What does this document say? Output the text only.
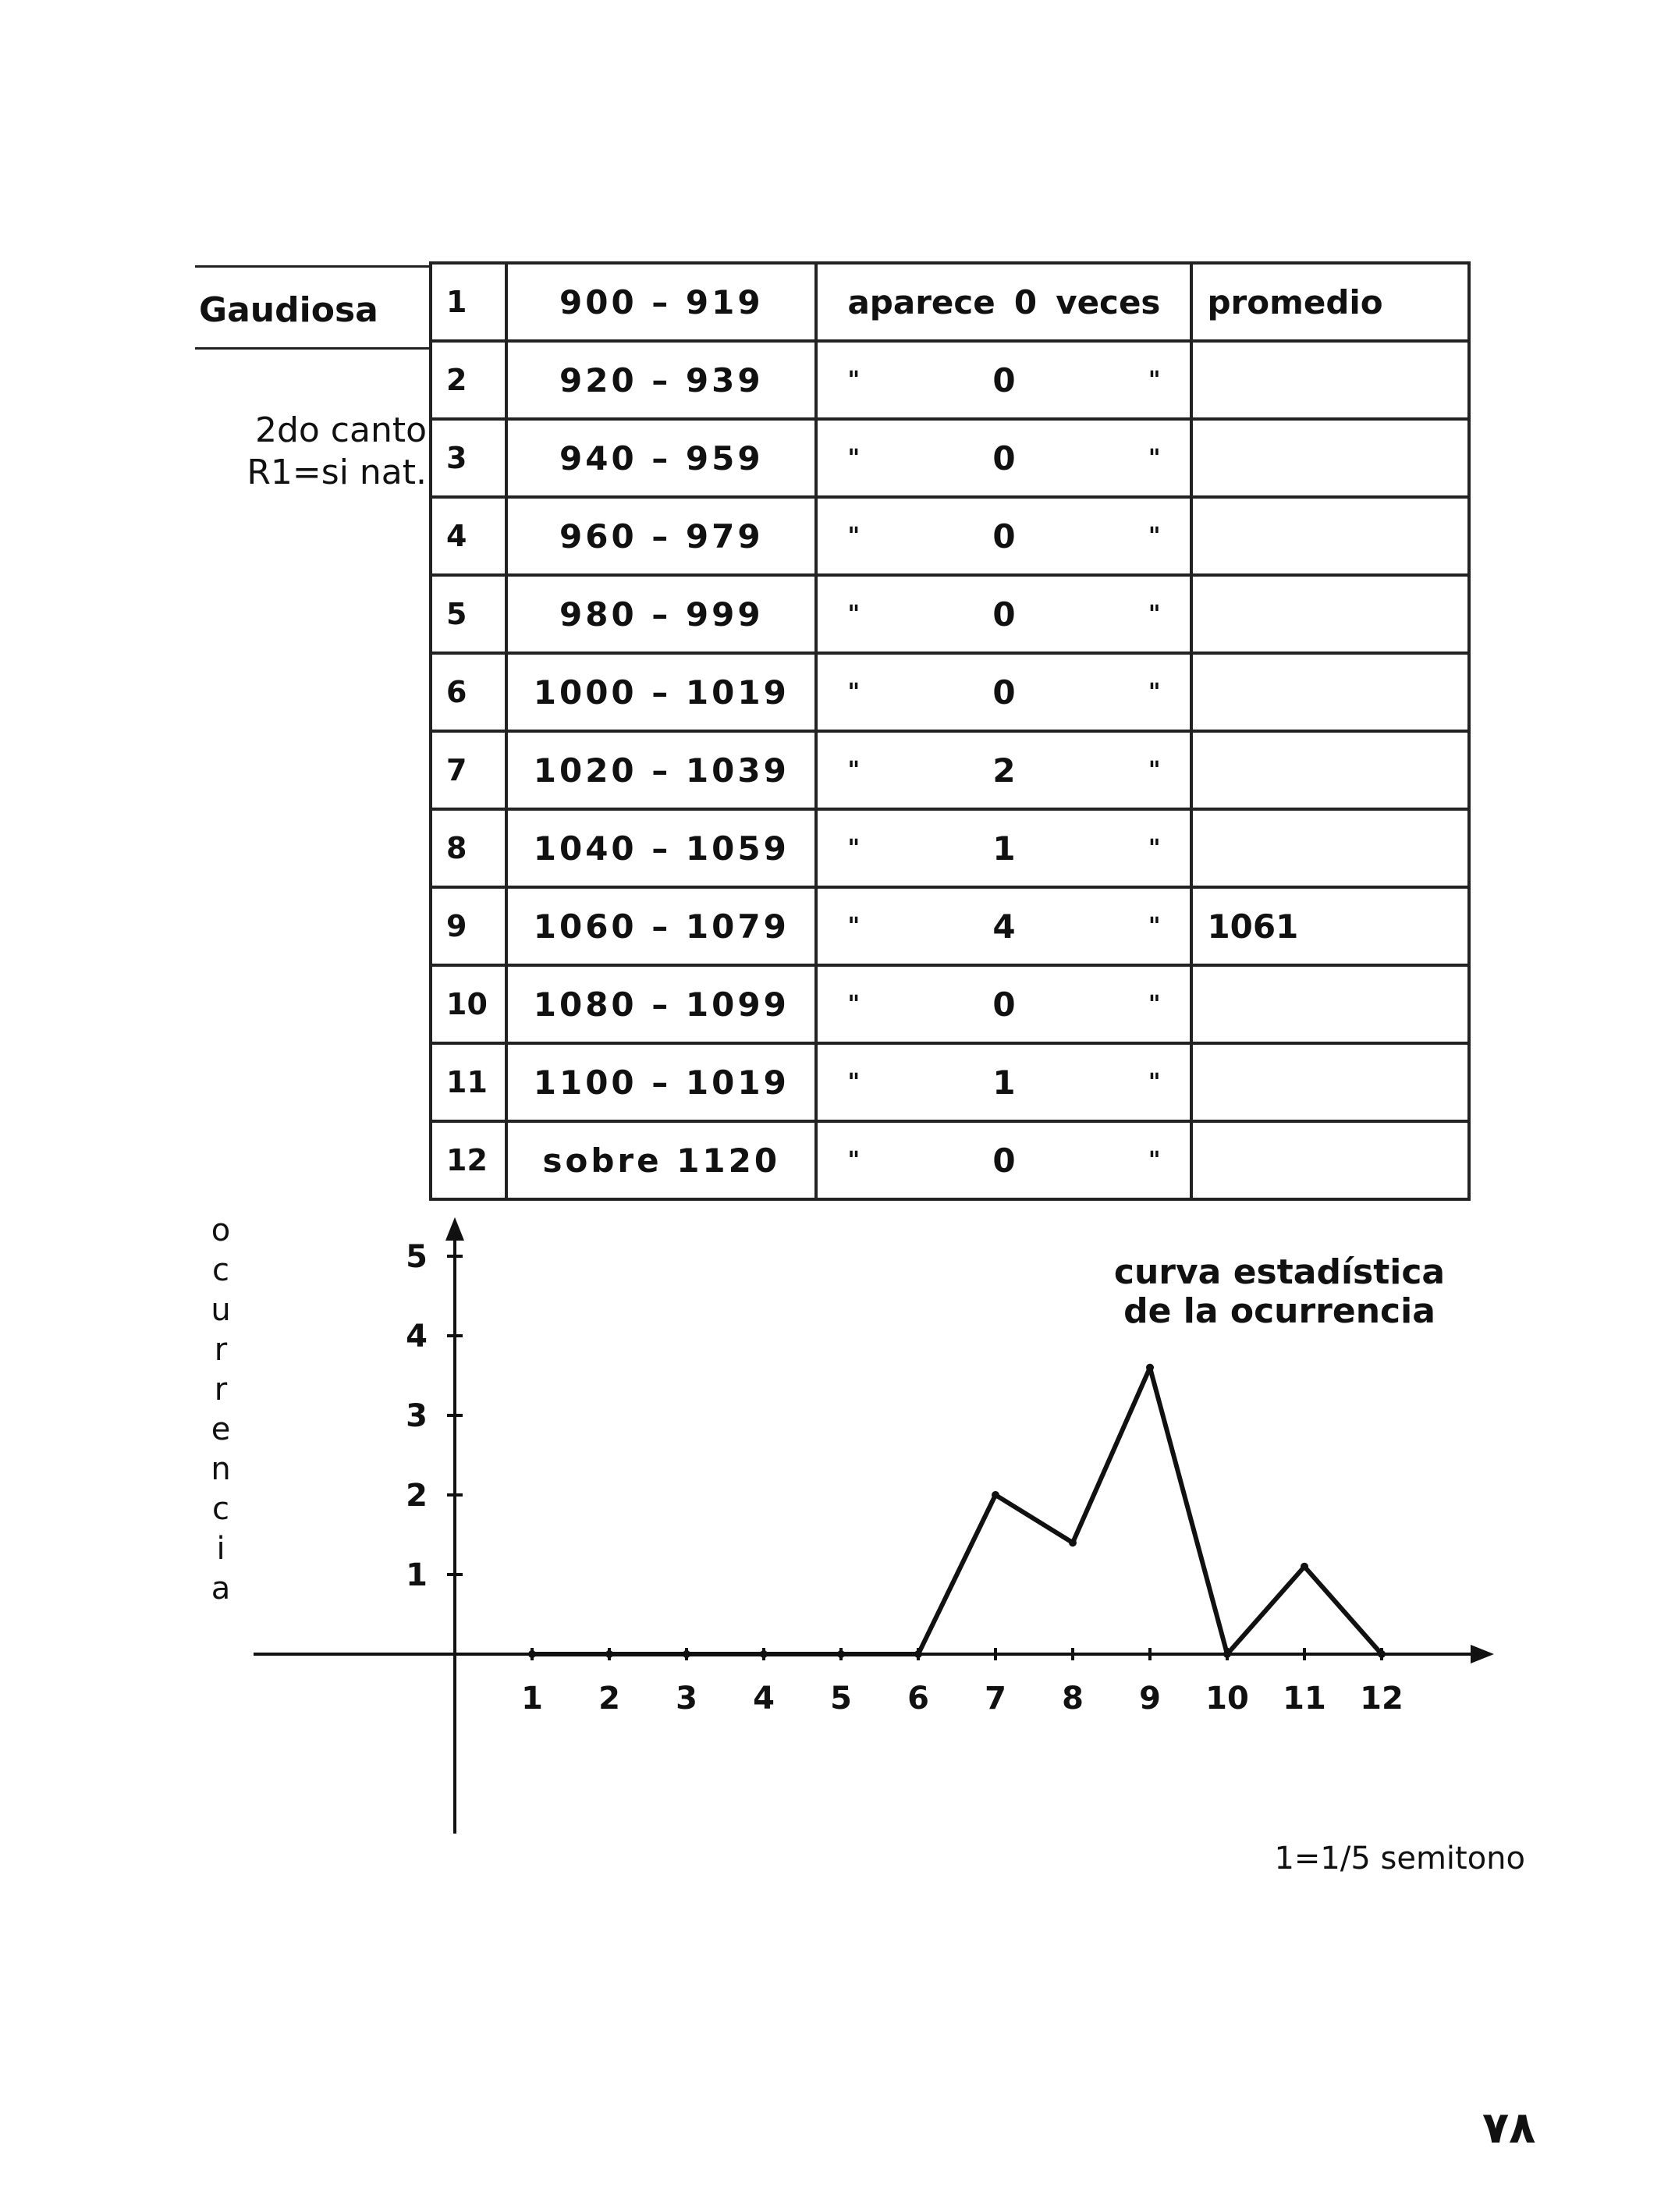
Gaudiosa
2do canto
R1=si nat.
1	900 – 919	aparece 0 veces	promedio
2	920 – 939	" 0 "	

3	940 – 959	" 0 "	

4	960 – 979	" 0 "	

5	980 – 999	" 0 "	

6	1000 – 1019	" 0 "	

7	1020 – 1039	" 2 "	

8	1040 – 1059	" 1 "	

9	1060 – 1079	" 4 "	1061
10	1080 – 1099	" 0 "	

11	1100 – 1019	" 1 "	

12	sobre 1120	" 0 "	

1 2 3 4 5 6 7 8 9 10 11 12
1
2
3
4
5	curva estadística
de la ocurrencia
o
c
u
r
r
e
n
c
i
a
1=1/5 semitono
٧٨
